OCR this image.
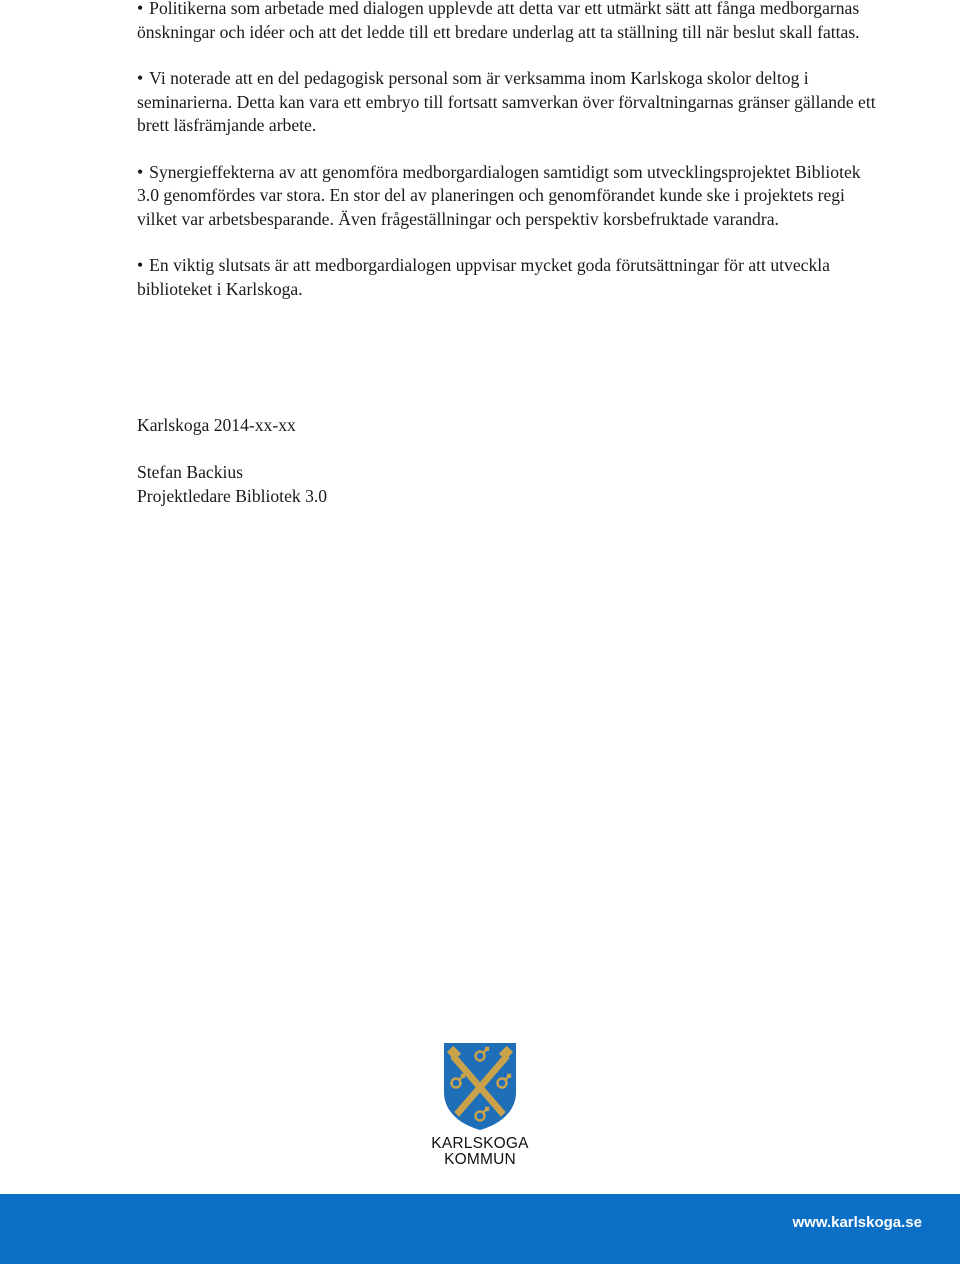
• Politikerna som arbetade med dialogen upplevde att detta var ett utmärkt sätt att fånga medborgarnas önskningar och idéer och att det ledde till ett bredare underlag att ta ställning till när beslut skall fattas.

• Vi noterade att en del pedagogisk personal som är verksamma inom Karlskoga skolor deltog i seminarierna. Detta kan vara ett embryo till fortsatt samverkan över förvaltningarnas gränser gällande ett brett läsfrämjande arbete.

• Synergieffekterna av att genomföra medborgardialogen samtidigt som utvecklingsprojektet Bibliotek 3.0 genomfördes var stora. En stor del av planeringen och genomförandet kunde ske i projektets regi vilket var arbetsbesparande. Även frågeställningar och perspektiv korsbefruktade varandra.

• En viktig slutsats är att medborgardialogen uppvisar mycket goda förutsättningar för att utveckla biblioteket i Karlskoga.

Karlskoga 2014-xx-xx
Stefan Backius
Projektledare Bibliotek 3.0
KARLSKOGA
KOMMUN
www.karlskoga.se
